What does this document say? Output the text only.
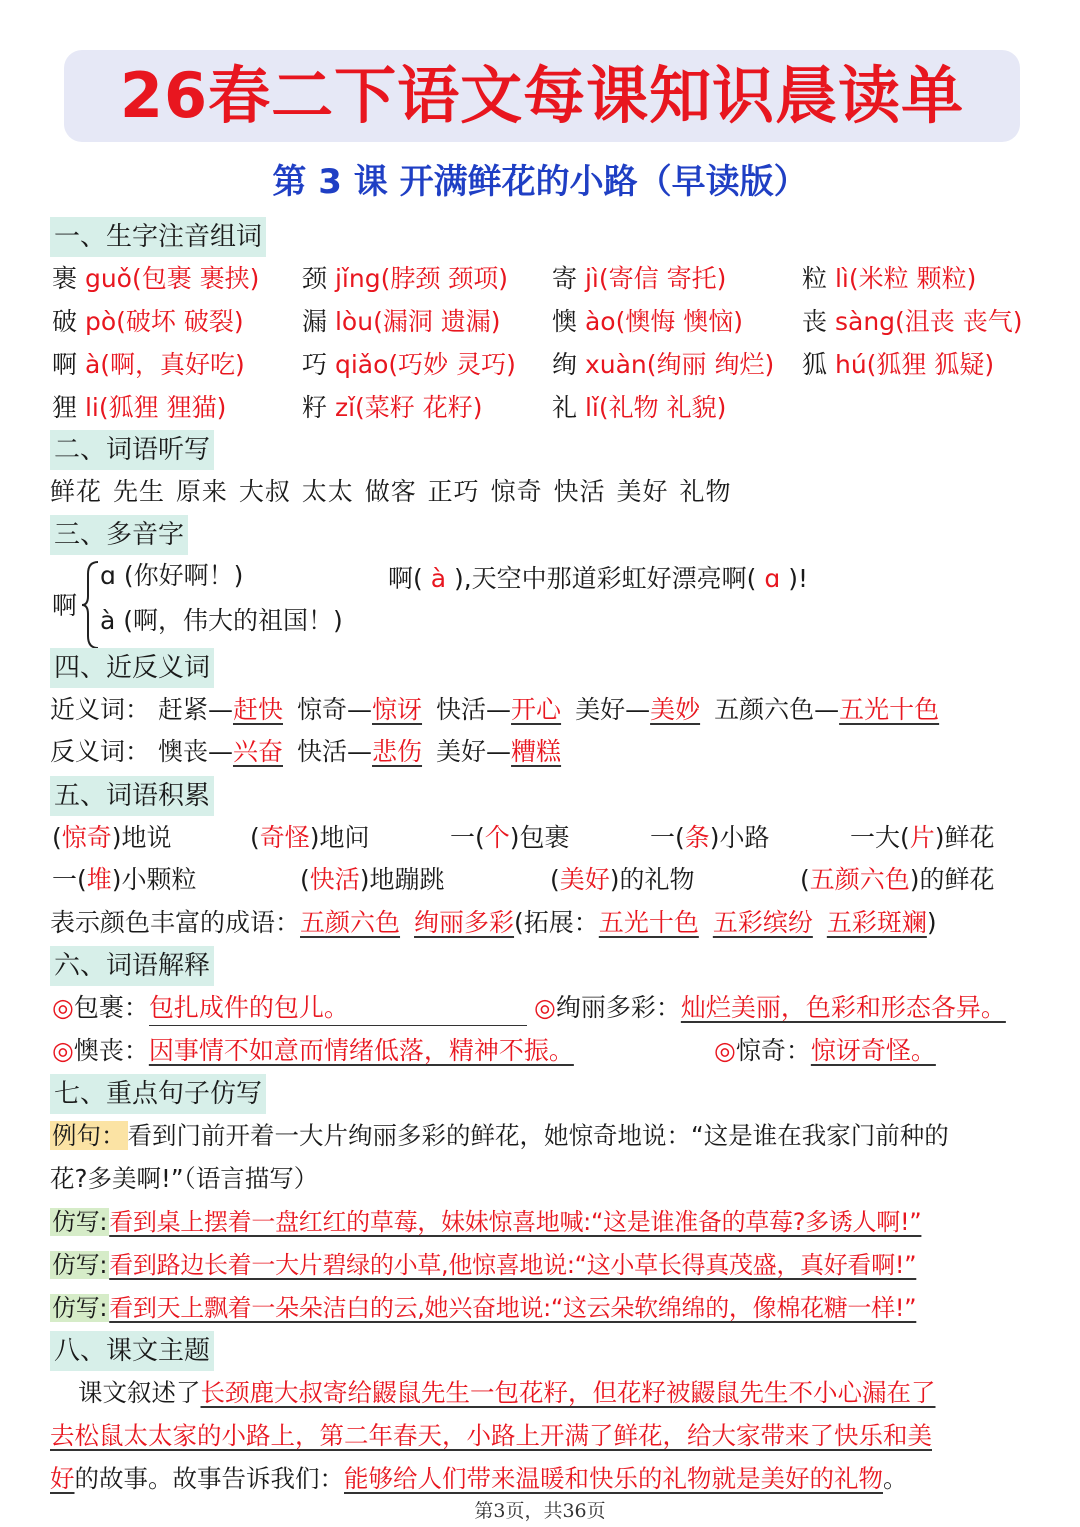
26春二下语文每课知识晨读单
第 3 课 开满鲜花的小路（早读版）
一、生字注音组词
裹 guǒ(包裹 裹挟) 颈 jǐng(脖颈 颈项) 寄 jì(寄信 寄托)	粒 lì(米粒 颗粒)
破 pò(破坏 破裂) 漏 lòu(漏洞 遗漏) 懊 ào(懊悔 懊恼) 丧 sàng(沮丧 丧气)
啊 à(啊，真好吃) 巧 qiǎo(巧妙 灵巧) 绚 xuàn(绚丽 绚烂) 狐 hú(狐狸 狐疑)
狸 li(狐狸 狸猫)	籽 zǐ(菜籽 花籽)	礼 lǐ(礼物 礼貌)
二、词语听写
鲜花 先生 原来 大叔 太太 做客 正巧 惊奇 快活 美好 礼物
三、多音字
啊
ɑ (你好啊！)
à (啊，伟大的祖国！)
啊( à ),天空中那道彩虹好漂亮啊( ɑ )!
四、近反义词
近义词： 赶紧—赶快 惊奇—惊讶 快活—开心 美好—美妙 五颜六色—五光十色
反义词： 懊丧—兴奋 快活—悲伤 美好—糟糕
五、词语积累
(惊奇)地说	(奇怪)地问	一(个)包裹	一(条)小路	一大(片)鲜花
一(堆)小颗粒	(快活)地蹦跳	(美好)的礼物	(五颜六色)的鲜花
表示颜色丰富的成语：五颜六色 绚丽多彩(拓展：五光十色 五彩缤纷 五彩斑斓)
六、词语解释
◎包裹：包扎成件的包儿。	◎绚丽多彩：灿烂美丽，色彩和形态各异。
◎懊丧：因事情不如意而情绪低落，精神不振。	◎惊奇：惊讶奇怪。
七、重点句子仿写
例句：看到门前开着一大片绚丽多彩的鲜花，她惊奇地说：“这是谁在我家门前种的
花?多美啊!”（语言描写）
仿写:看到桌上摆着一盘红红的草莓，妹妹惊喜地喊:“这是谁准备的草莓?多诱人啊!”
仿写:看到路边长着一大片碧绿的小草,他惊喜地说:“这小草长得真茂盛，真好看啊!”
仿写:看到天上飘着一朵朵洁白的云,她兴奋地说:“这云朵软绵绵的，像棉花糖一样!”
八、课文主题
课文叙述了长颈鹿大叔寄给鼹鼠先生一包花籽，但花籽被鼹鼠先生不小心漏在了
去松鼠太太家的小路上，第二年春天，小路上开满了鲜花，给大家带来了快乐和美
好的故事。故事告诉我们：能够给人们带来温暖和快乐的礼物就是美好的礼物。
第3页，共36页
